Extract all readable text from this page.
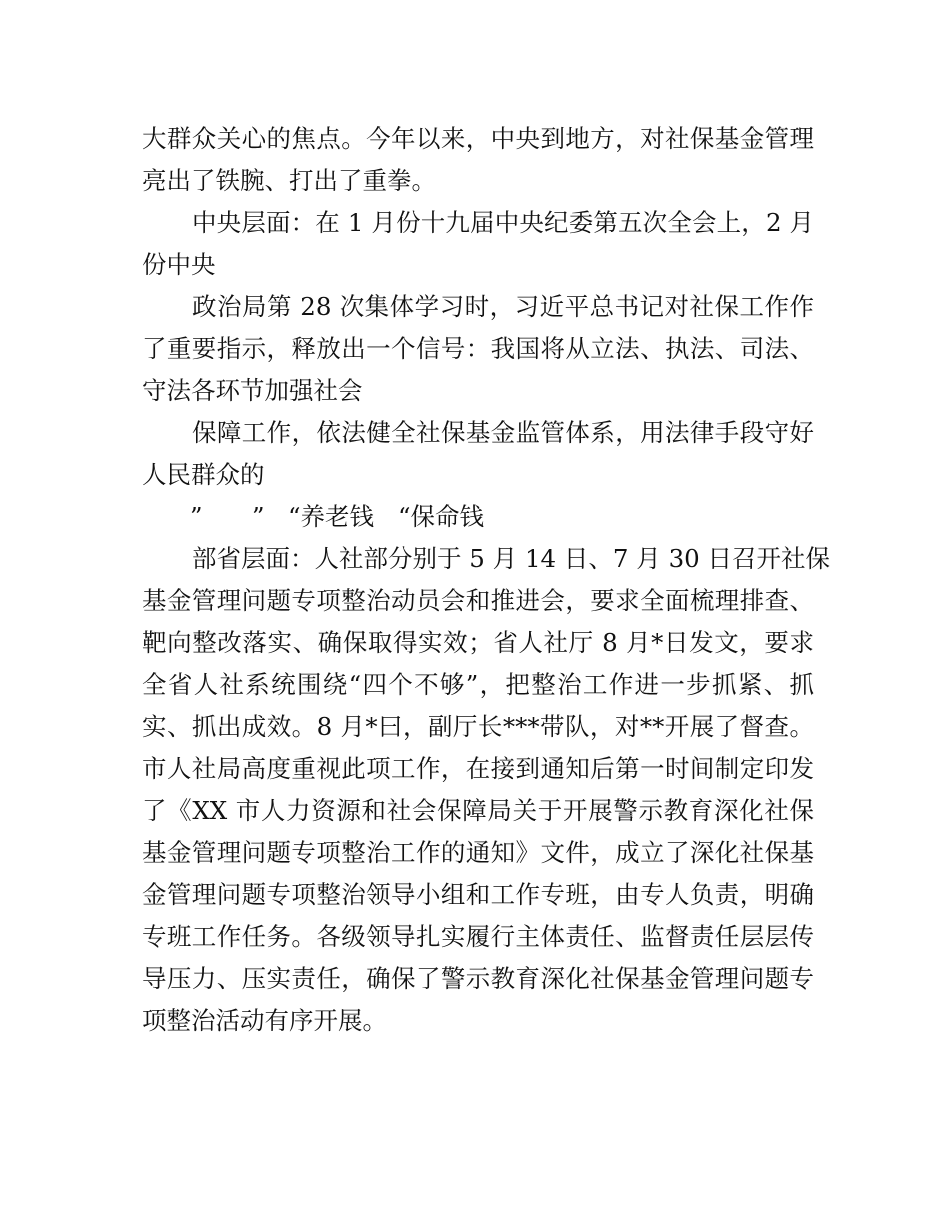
大群众关心的焦点。今年以来，中央到地方，对社保基金管理
亮出了铁腕、打出了重拳。
中央层面：在 1 月份十九届中央纪委第五次全会上，2 月
份中央
政治局第 28 次集体学习时，习近平总书记对社保工作作
了重要指示，释放出一个信号：我国将从立法、执法、司法、
守法各环节加强社会
保障工作，依法健全社保基金监管体系，用法律手段守好
人民群众的
” ” “养老钱 “保命钱
部省层面：人社部分别于 5 月 14 日、7 月 30 日召开社保
基金管理问题专项整治动员会和推进会，要求全面梳理排查、
靶向整改落实、确保取得实效；省人社厅 8 月*日发文，要求
全省人社系统围绕“四个不够”，把整治工作进一步抓紧、抓
实、抓出成效。8 月*曰，副厅长***带队，对**开展了督查。
市人社局高度重视此项工作，在接到通知后第一时间制定印发
了《XX 市人力资源和社会保障局关于开展警示教育深化社保
基金管理问题专项整治工作的通知》文件，成立了深化社保基
金管理问题专项整治领导小组和工作专班，由专人负责，明确
专班工作任务。各级领导扎实履行主体责任、监督责任层层传
导压力、压实责任，确保了警示教育深化社保基金管理问题专
项整治活动有序开展。
